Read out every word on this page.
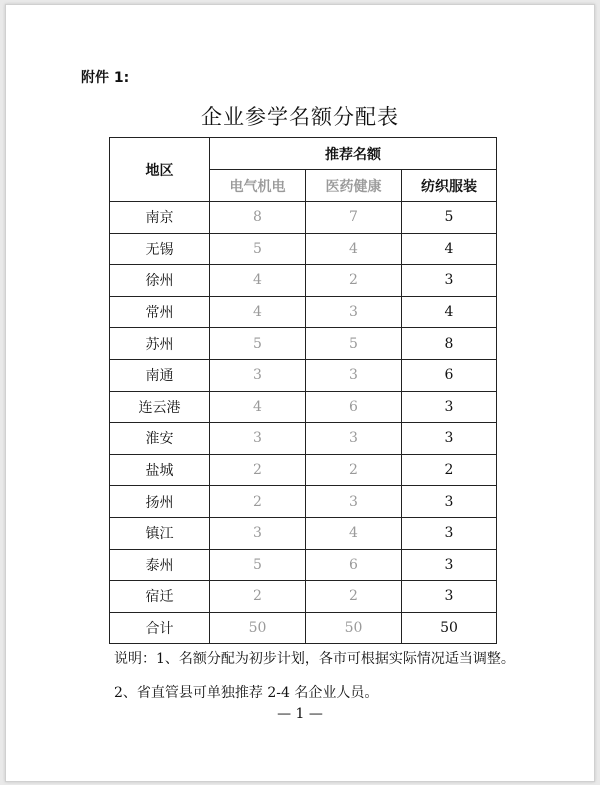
附件 1:
企业参学名额分配表
地区	推荐名额		
	电气机电	医药健康	纺织服装
南京	8	7	5
无锡	5	4	4
徐州	4	2	3
常州	4	3	4
苏州	5	5	8
南通	3	3	6
连云港	4	6	3
淮安	3	3	3
盐城	2	2	2
扬州	2	3	3
镇江	3	4	3
泰州	5	6	3
宿迁	2	2	3
合计	50	50	50
说明：1、名额分配为初步计划，各市可根据实际情况适当调整。
2、省直管县可单独推荐 2-4 名企业人员。
— 1 —
